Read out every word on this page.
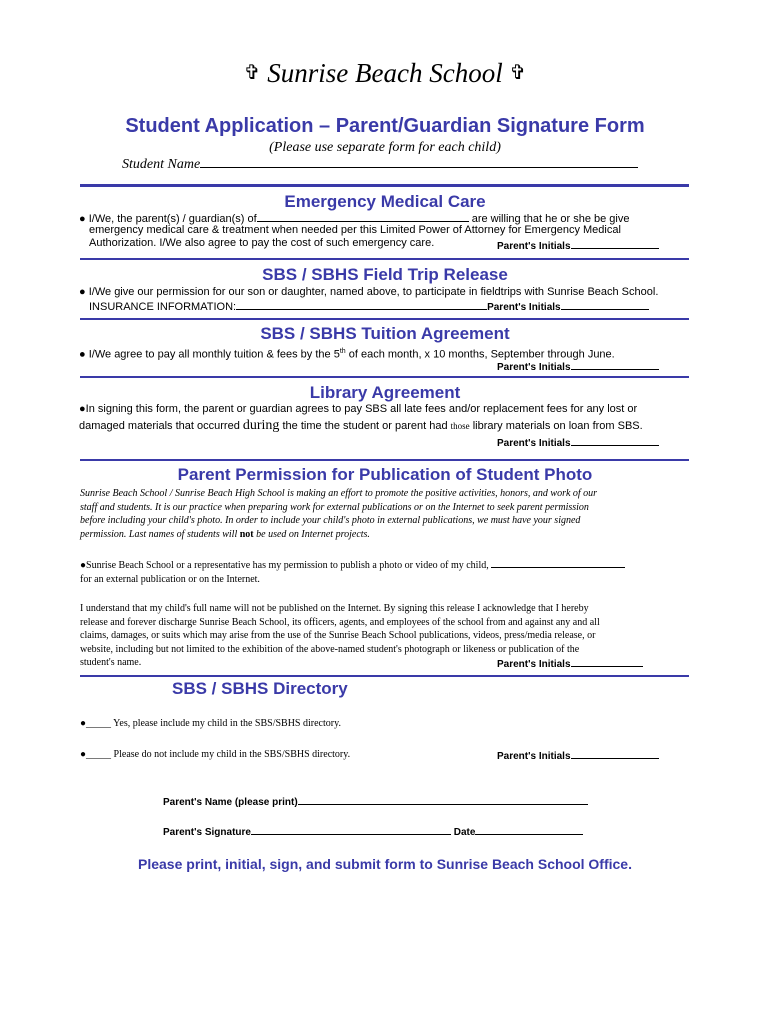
✞ Sunrise Beach School ✞
Student Application – Parent/Guardian Signature Form
(Please use separate form for each child)
Student Name
Emergency Medical Care
● I/We, the parent(s) / guardian(s) of	are willing that he or she be give
emergency medical care & treatment when needed per this Limited Power of Attorney for Emergency Medical
Authorization. I/We also agree to pay the cost of such emergency care.	Parent's Initials
SBS / SBHS Field Trip Release
● I/We give our permission for our son or daughter, named above, to participate in fieldtrips with Sunrise Beach School.
INSURANCE INFORMATION:	Parent's Initials
SBS / SBHS Tuition Agreement
● I/We agree to pay all monthly tuition & fees by the 5th of each month, x 10 months, September through June.
Parent's Initials
Library Agreement
●In signing this form, the parent or guardian agrees to pay SBS all late fees and/or replacement fees for any lost or
damaged materials that occurred during the time the student or parent had those library materials on loan from SBS.
Parent's Initials
Parent Permission for Publication of Student Photo
Sunrise Beach School / Sunrise Beach High School is making an effort to promote the positive activities, honors, and work of our
staff and students. It is our practice when preparing work for external publications or on the Internet to seek parent permission
before including your child's photo. In order to include your child's photo in external publications, we must have your signed
permission. Last names of students will not be used on Internet projects.
●Sunrise Beach School or a representative has my permission to publish a photo or video of my child,
for an external publication or on the Internet.
I understand that my child's full name will not be published on the Internet. By signing this release I acknowledge that I hereby
release and forever discharge Sunrise Beach School, its officers, agents, and employees of the school from and against any and all
claims, damages, or suits which may arise from the use of the Sunrise Beach School publications, videos, press/media release, or
website, including but not limited to the exhibition of the above-named student's photograph or likeness or publication of the
student's name.	Parent's Initials
SBS / SBHS Directory
●_____ Yes, please include my child in the SBS/SBHS directory.
●_____ Please do not include my child in the SBS/SBHS directory.	Parent's Initials
Parent's Name (please print)
Parent's Signature	Date
Please print, initial, sign, and submit form to Sunrise Beach School Office.
